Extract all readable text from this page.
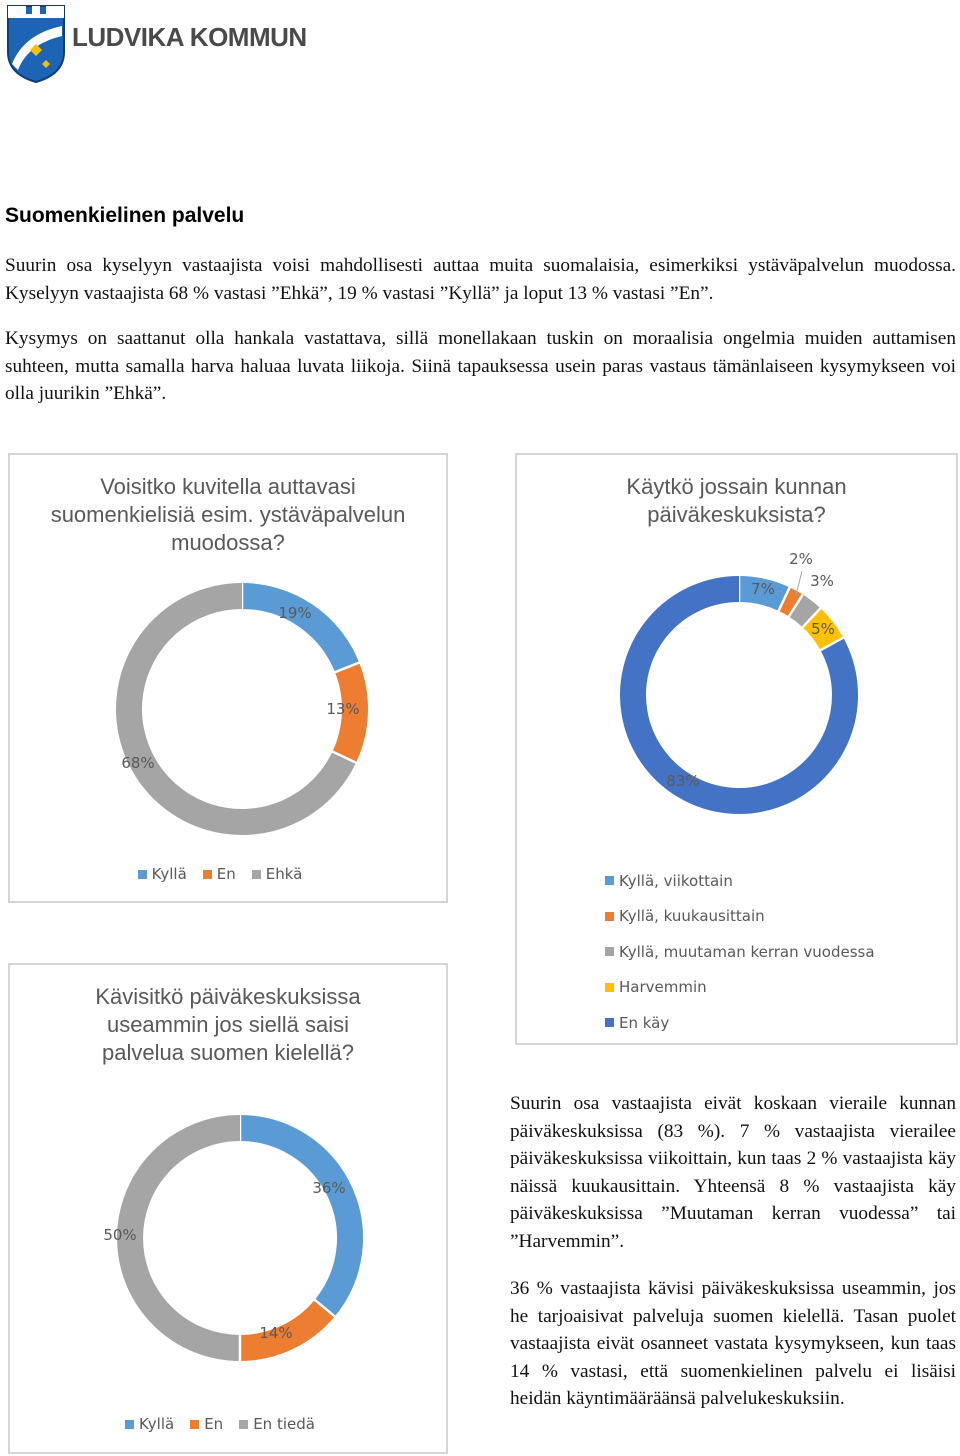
LUDVIKA KOMMUN
Suomenkielinen palvelu
Suurin osa kyselyyn vastaajista voisi mahdollisesti auttaa muita suomalaisia, esimerkiksi ystäväpalvelun muodossa. Kyselyyn vastaajista 68 % vastasi ”Ehkä”, 19 % vastasi ”Kyllä” ja loput 13 % vastasi ”En”.
Kysymys on saattanut olla hankala vastattava, sillä monellakaan tuskin on moraalisia ongelmia muiden auttamisen suhteen, mutta samalla harva haluaa luvata liikoja. Siinä tapauksessa usein paras vastaus tämänlaiseen kysymykseen voi olla juurikin ”Ehkä”.
Voisitko kuvitella auttavasi suomenkielisiä esim. ystäväpalvelun muodossa?
19%
13%
68%
Kyllä En Ehkä
Käytkö jossain kunnan päiväkeskuksista?
7%
2%
3%
5%
83%
Kyllä, viikottain
Kyllä, kuukausittain
Kyllä, muutaman kerran vuodessa
Harvemmin
En käy
Kävisitkö päiväkeskuksissa useammin jos siellä saisi palvelua suomen kielellä?
36%
14%
50%
Kyllä En En tiedä
Suurin osa vastaajista eivät koskaan vieraile kunnan päiväkeskuksissa (83 %). 7 % vastaajista vierailee päiväkeskuksissa viikoittain, kun taas 2 % vastaajista käy näissä kuukausittain. Yhteensä 8 % vastaajista käy päiväkeskuksissa ”Muutaman kerran vuodessa” tai ”Harvemmin”.
36 % vastaajista kävisi päiväkeskuksissa useammin, jos he tarjoaisivat palveluja suomen kielellä. Tasan puolet vastaajista eivät osanneet vastata kysymykseen, kun taas 14 % vastasi, että suomenkielinen palvelu ei lisäisi heidän käyntimääräänsä palvelukeskuksiin.
